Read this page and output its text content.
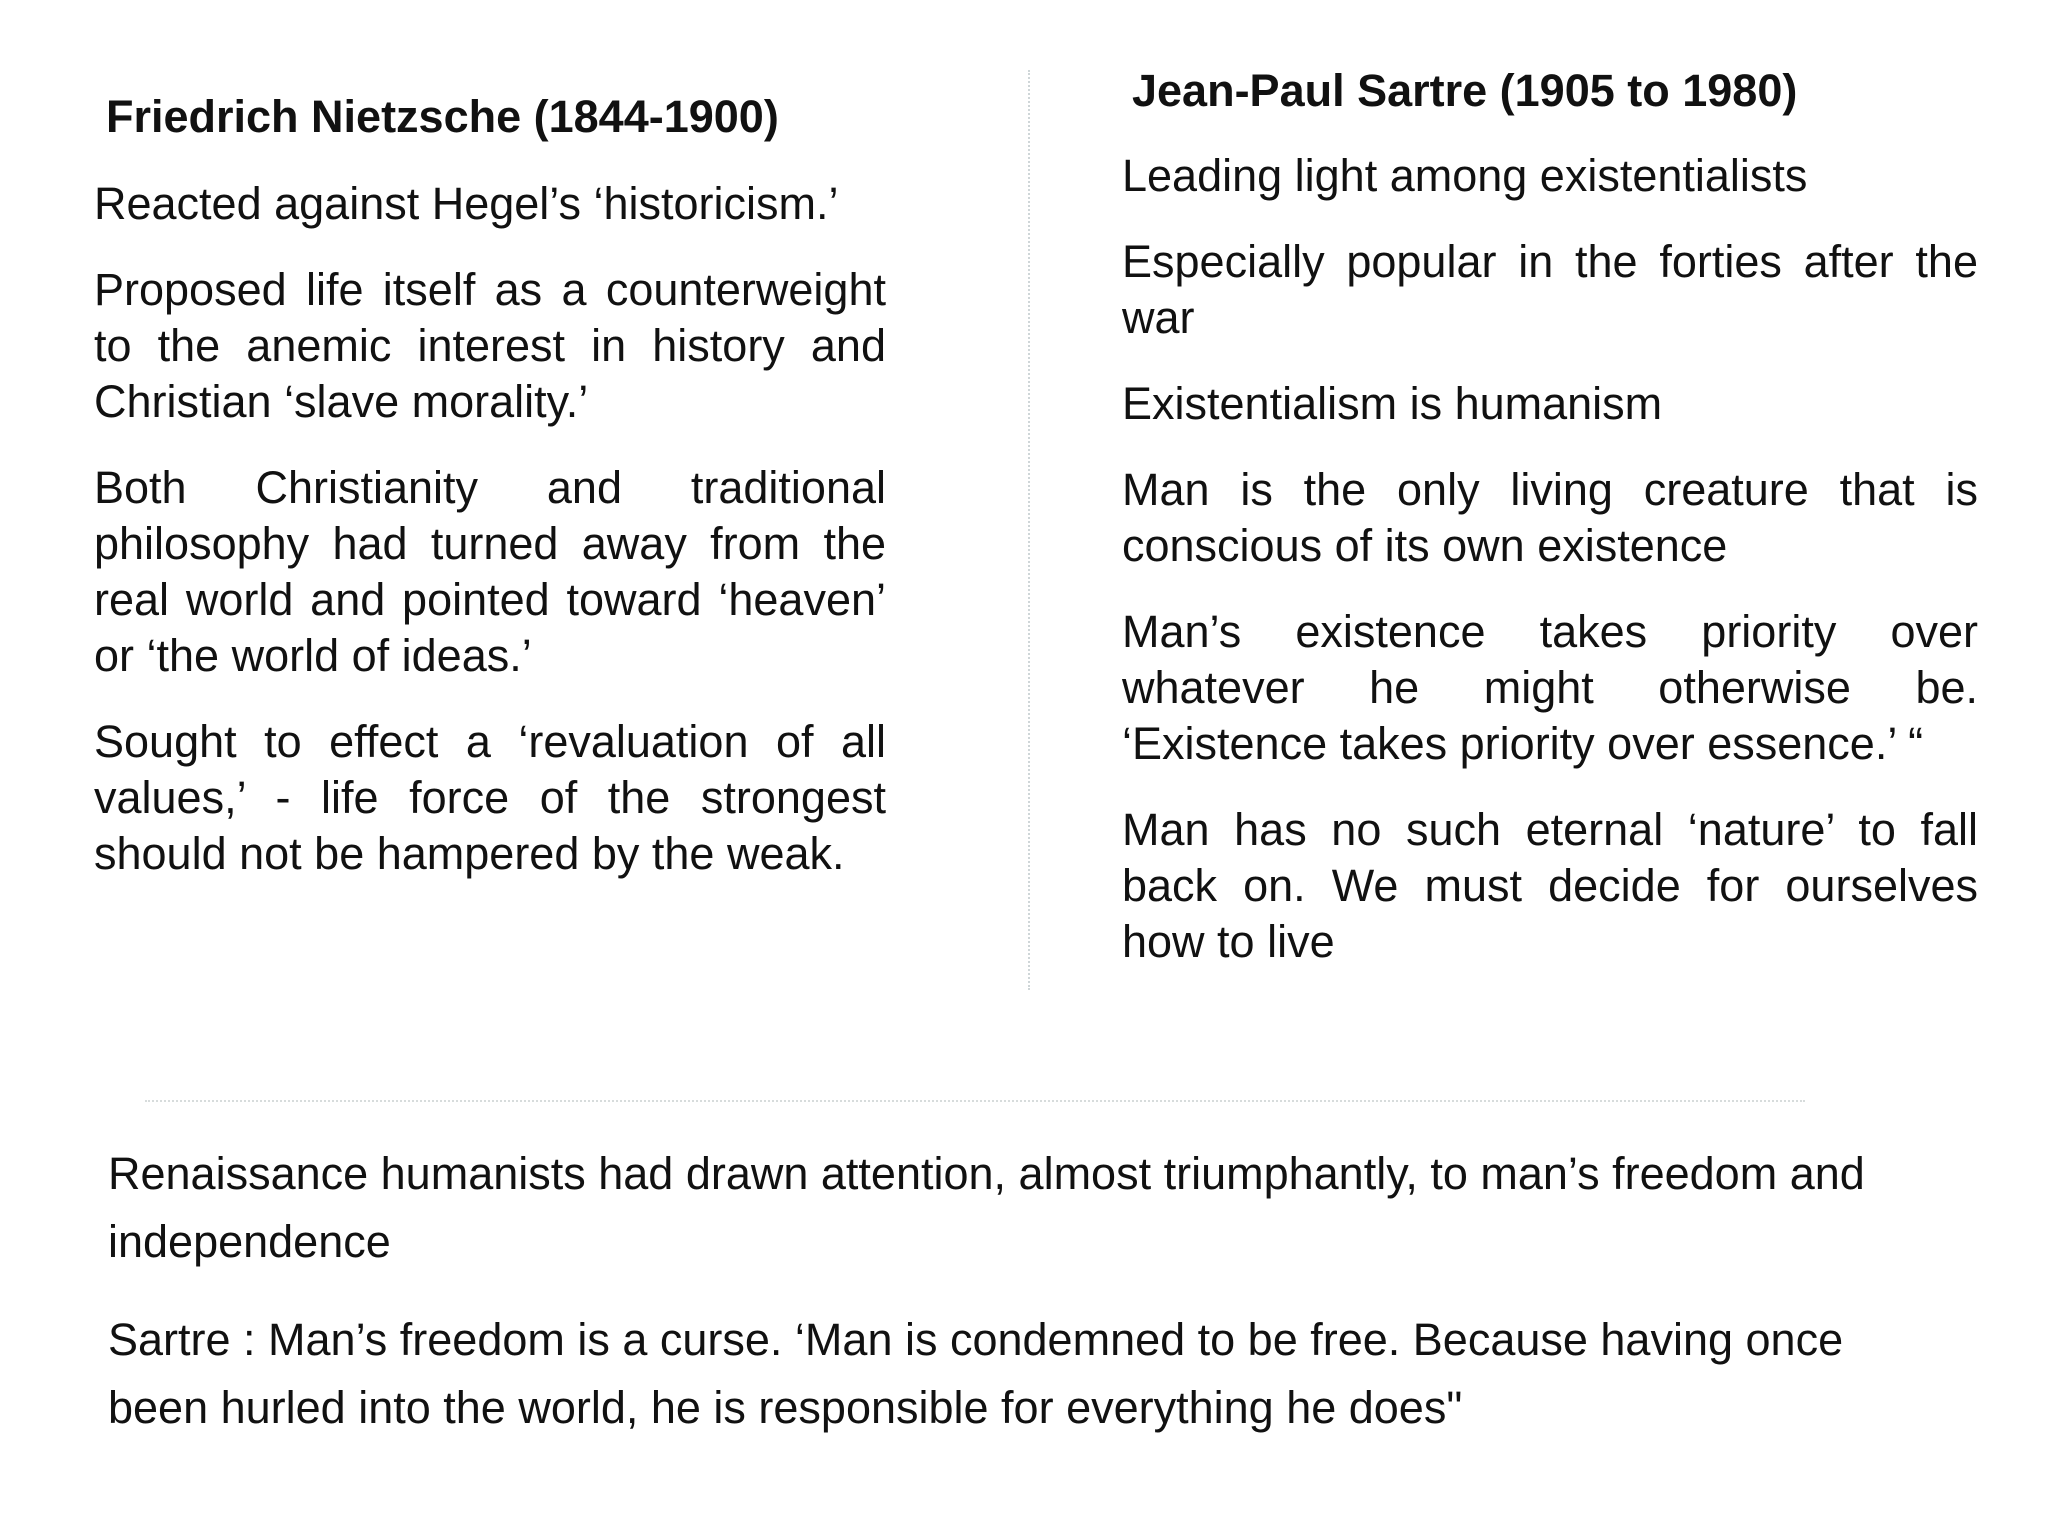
Friedrich Nietzsche (1844-1900)

Reacted against Hegel’s ‘historicism.’

Proposed life itself as a counterweight to the anemic interest in history and Christian ‘slave morality.’

Both Christianity and traditional philosophy had turned away from the real world and pointed toward ‘heaven’ or ‘the world of ideas.’

Sought to effect a ‘revaluation of all values,’ - life force of the strongest should not be hampered by the weak.

Jean-Paul Sartre (1905 to 1980)

Leading light among existentialists

Especially popular in the forties after the war

Existentialism is humanism

Man is the only living creature that is conscious of its own existence

Man’s existence takes priority over whatever he might otherwise be. ‘Existence takes priority over essence.’ “

Man has no such eternal ‘nature’ to fall back on. We must decide for ourselves how to live

Renaissance humanists had drawn attention, almost triumphantly, to man’s freedom and independence

Sartre : Man’s freedom is a curse. ‘Man is condemned to be free. Because having once been hurled into the world, he is responsible for everything he does"
